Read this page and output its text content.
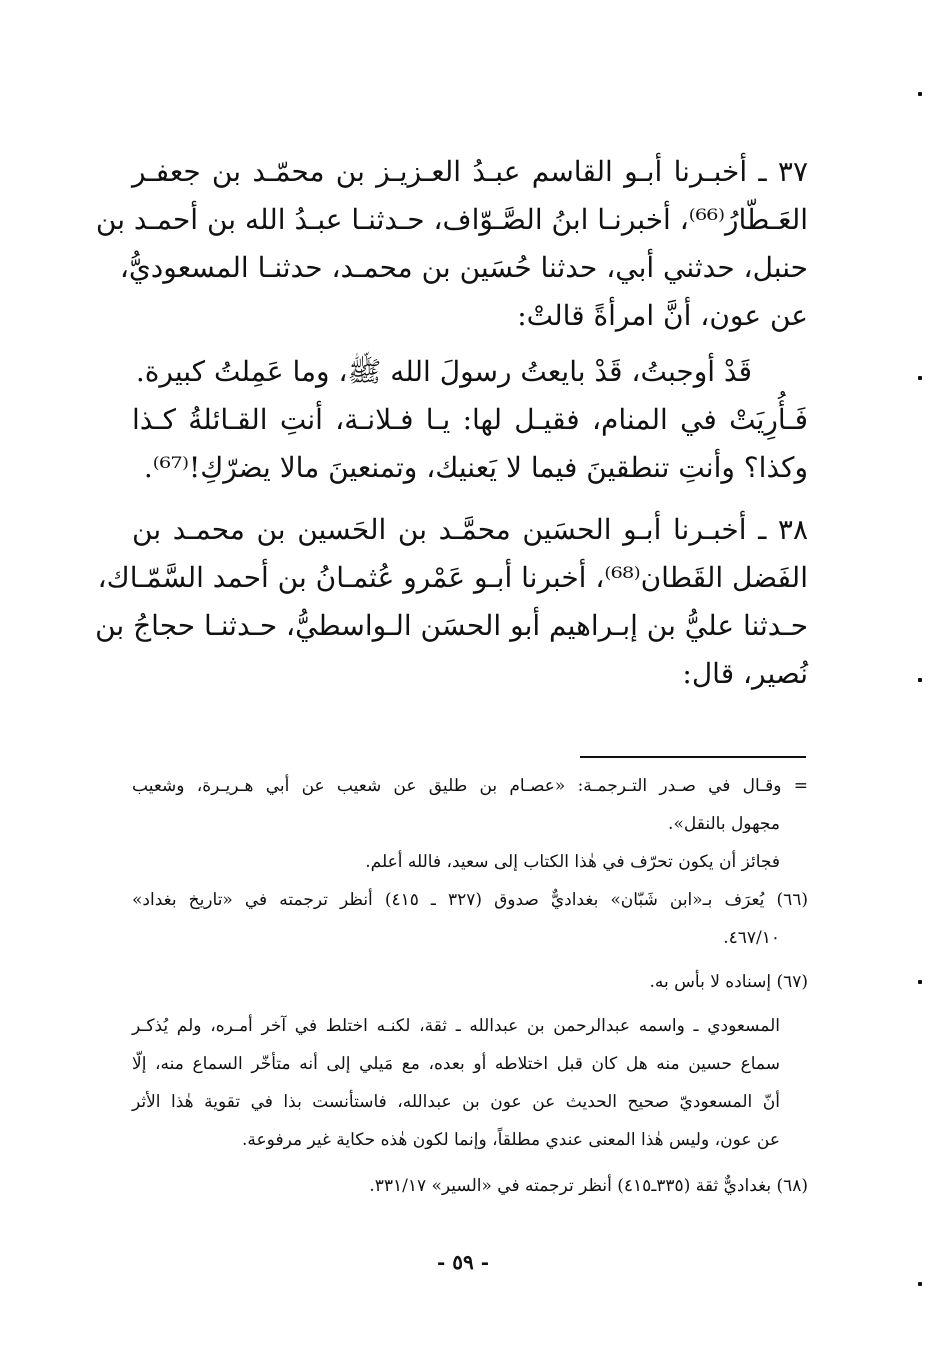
٣٧ ـ أخبـرنا أبـو القاسم عبـدُ العـزيـز بن محمّـد بن جعفـر
العَـطّارُ⁽⁶⁶⁾، أخبرنـا ابنُ الصَّـوّاف، حـدثنـا عبـدُ الله بن أحمـد بن
حنبل، حدثني أبي، حدثنا حُسَين بن محمـد، حدثنـا المسعوديُّ،
عن عون، أنَّ امرأةً قالتْ:
قَدْ أوجبتُ، قَدْ بايعتُ رسولَ الله ﷺ، وما عَمِلتُ كبيرة.
فَـأُرِيَتْ في المنام، فقيـل لها: يـا فـلانـة، أنتِ القـائلةُ كـذا
وكذا؟ وأنتِ تنطقينَ فيما لا يَعنيك، وتمنعينَ مالا يضرّكِ!⁽⁶⁷⁾.
٣٨ ـ أخبـرنا أبـو الحسَين محمَّـد بن الحَسين بن محمـد بن
الفَضل القَطان⁽⁶⁸⁾، أخبرنا أبـو عَمْرو عُثمـانُ بن أحمد السَّمّـاك،
حـدثنا عليُّ بن إبـراهيم أبو الحسَن الـواسطيُّ، حـدثنـا حجاجُ بن
نُصير، قال:
= وقـال في صـدر التـرجمـة: «عصـام بن طليق عن شعيب عن أبي هـريـرة، وشعيب
مجهول بالنقل».
فجائز أن يكون تحرّف في هٰذا الكتاب إلى سعيد، فالله أعلم.
(٦٦) يُعرَف بـ«ابن شَبّان» بغداديٌّ صدوق (٣٢٧ ـ ٤١٥) أنظر ترجمته في «تاريخ بغداد»
٤٦٧/١٠.
(٦٧) إسناده لا بأس به.
المسعودي ـ واسمه عبدالرحمن بن عبدالله ـ ثقة، لكنـه اختلط في آخر أمـره، ولم يُذكـر
سماع حسين منه هل كان قبل اختلاطه أو بعده، مع مَيلي إلى أنه متأخّر السماع منه، إلّا
أنّ المسعوديّ صحيح الحديث عن عون بن عبدالله، فاستأنست بذا في تقوية هٰذا الأثر
عن عون، وليس هٰذا المعنى عندي مطلقاً، وإنما لكون هٰذه حكاية غير مرفوعة.
(٦٨) بغداديٌّ ثقة (٣٣٥ـ٤١٥) أنظر ترجمته في «السير» ٣٣١/١٧.
- ٥٩ -
